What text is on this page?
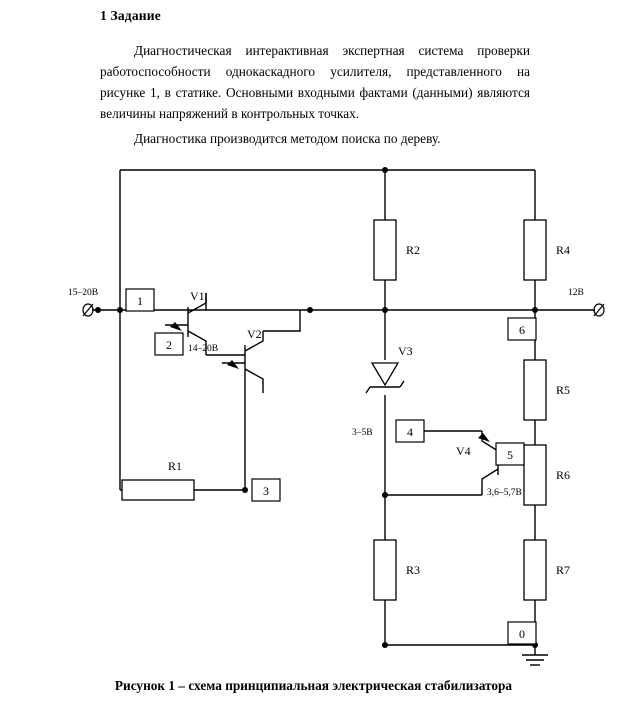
1 Задание
Диагностическая интерактивная экспертная система проверки работоспособности однокаскадного усилителя, представленного на рисунке 1, в статике. Основными входными фактами (данными) являются величины напряжений в контрольных точках.
Диагностика производится методом поиска по дереву.
15–20В	12В
R2	R4
R5
R6
R7
R3
R1
V1
V2
V3
V4
1
2 14–20В
3
4
3–5В
5
3,6–5,7В
6
0
Рисунок 1 – схема принципиальная электрическая стабилизатора
